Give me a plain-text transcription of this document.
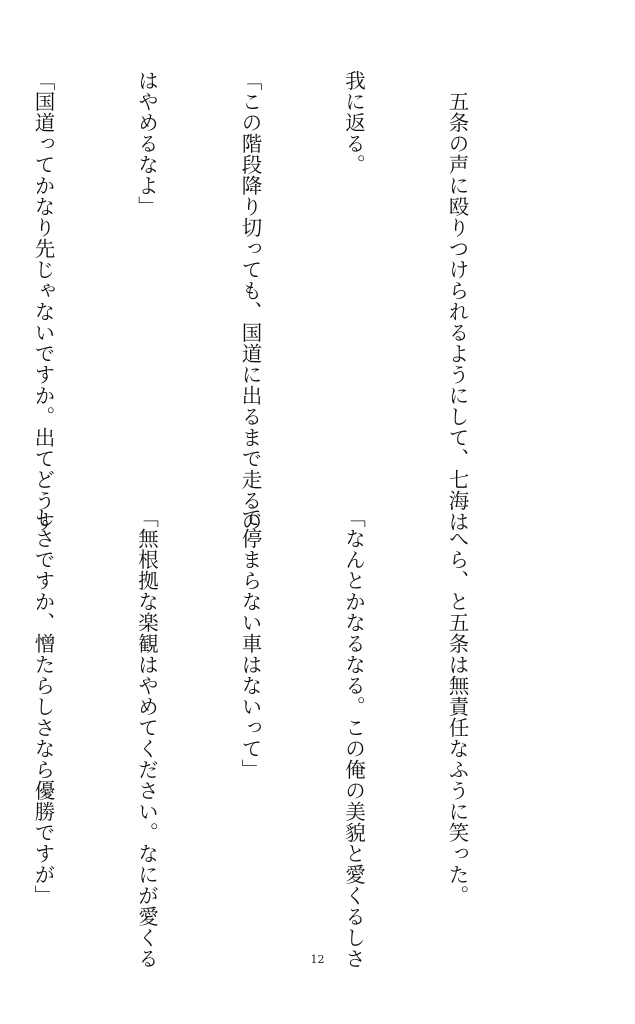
　五条の声に殴りつけられるようにして、七海は

我に返る。

「この階段降り切っても、国道に出るまで走るの

はやめるなよ」

「国道ってかなり先じゃないですか。出てどうす

　へら、と五条は無責任なふうに笑った。

「なんとかなるなる。この俺の美貌と愛くるしさ

で停まらない車はないって」

「無根拠な楽観はやめてください。なにが愛くる

しさですか、憎たらしさなら優勝ですが」

12
